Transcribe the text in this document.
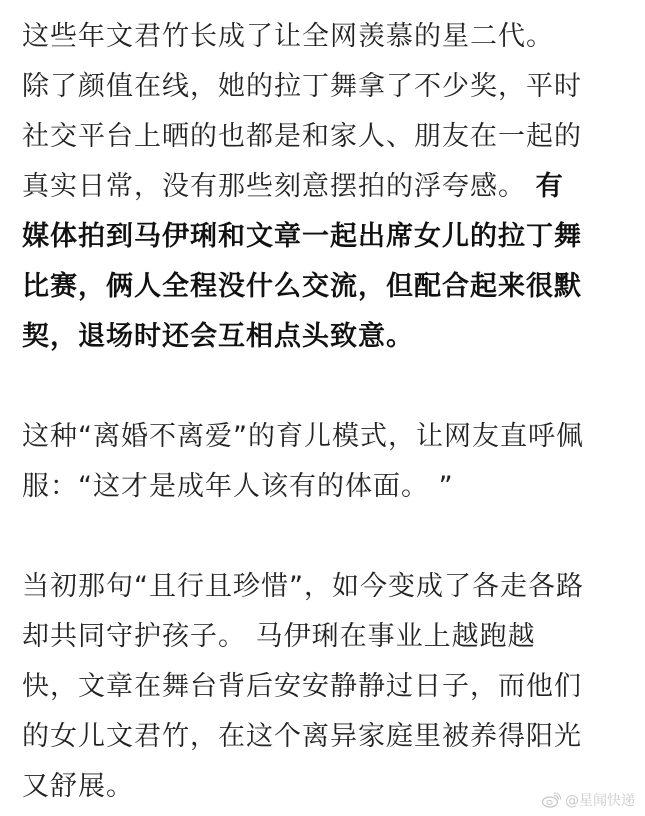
这些年文君竹长成了让全网羡慕的星二代。
除了颜值在线，她的拉丁舞拿了不少奖，平时
社交平台上晒的也都是和家人、朋友在一起的
真实日常，没有那些刻意摆拍的浮夸感。 有
媒体拍到马伊琍和文章一起出席女儿的拉丁舞
比赛，俩人全程没什么交流，但配合起来很默
契，退场时还会互相点头致意。
这种“离婚不离爱”的育儿模式，让网友直呼佩
服：“这才是成年人该有的体面。 ”
当初那句“且行且珍惜”，如今变成了各走各路
却共同守护孩子。 马伊琍在事业上越跑越
快，文章在舞台背后安安静静过日子，而他们
的女儿文君竹，在这个离异家庭里被养得阳光
又舒展。	@星闻快递
